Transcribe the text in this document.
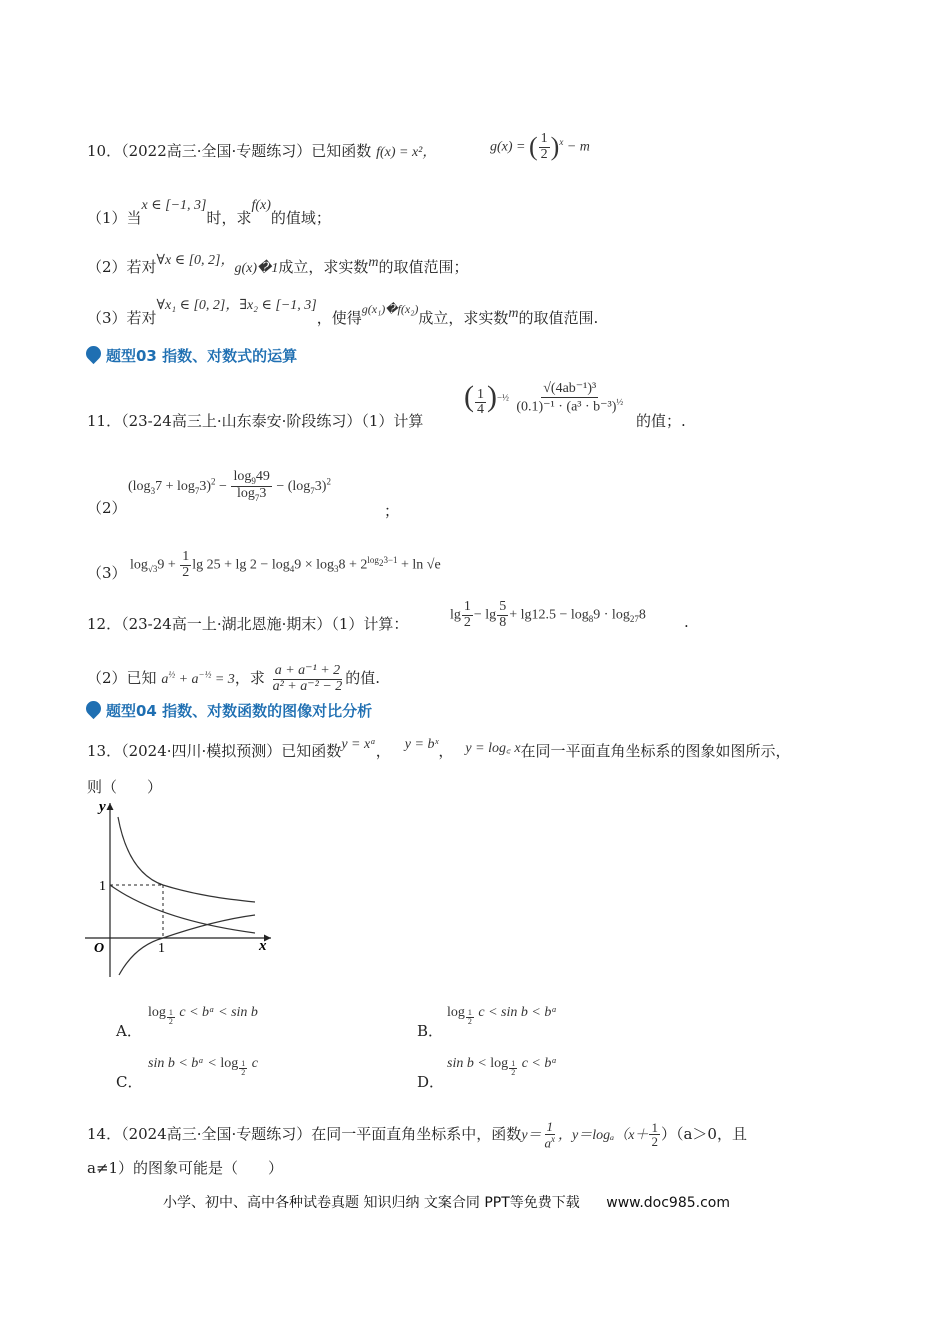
10．（2022高三·全国·专题练习）已知函数 f(x) = x²，	g(x) = ( $\frac{1}{2} )^x - m$
（1）当x ∈ [−1, 3]时，求f(x)的值域；
（2）若对∀x ∈ [0, 2]，g(x)�1成立，求实数m的取值范围；
（3）若对∀x₁ ∈ [0, 2]，∃x₂ ∈ [−1, 3]，使得$^{g(x_1)�f(x_2)}$成立，求实数m的取值范围.
题型03 指数、对数式的运算
11．（23-24高三上·山东泰安·阶段练习）（1）计算
( $\frac{1}{4} )^{-\frac{1}{2}} \frac{\text{√(4ab⁻¹)³}}{(0.1)^{-1} \cdot (a^3 \cdot b^{-3})^{\frac{1}{2}}}$
的值；.
（2）
$(\log_37 + \log_73)^2 - \frac{\log_949}{\log_73} - (\log_73)^2$
；
（3） $\log_{√3}9 + \frac{1}{2}$ $\lg 25 + \lg 2 - \log_49 \times \log_38 + 2^{log_23-1} + \ln √e$
12．（23-24高一上·湖北恩施·期末）（1）计算：
$\lg \frac{1}{2} - \lg \frac{5}{8} + \lg 12.5 - \log_89 \cdot \log_{27}8$	.
（2）已知 $a^{\frac{1}{2}} + a^{-\frac{1}{2}} = 3$，求 $\frac{\text{a + a⁻¹ + 2}}{\text{a² + a⁻² − 2}}$ 的值.
题型04 指数、对数函数的图像对比分析
13．（2024·四川·模拟预测）已知函数y = xᵃ， y = bˣ， y = log꜀ x在同一平面直角坐标系的图象如图所示，
则（　　）
y
x
O
1
1
A．
log $_{\frac{1}{2}}$ c < bᵃ < sin b
B．
log $_{\frac{1}{2}}$ c < sin b < bᵃ
C．
sin b < bᵃ < log $_{\frac{1}{2}}$ c
D．
sin b < log $_{\frac{1}{2}}$ c < bᵃ
14．（2024高三·全国·专题练习）在同一平面直角坐标系中，函数$y= \frac{1}{a^x}$ ，$y=\log_a(x+ \frac{1}{2} )(a>0$，且
a≠1）的图象可能是（　　）
小学、初中、高中各种试卷真题 知识归纳 文案合同 PPT等免费下载 www.doc985.com
